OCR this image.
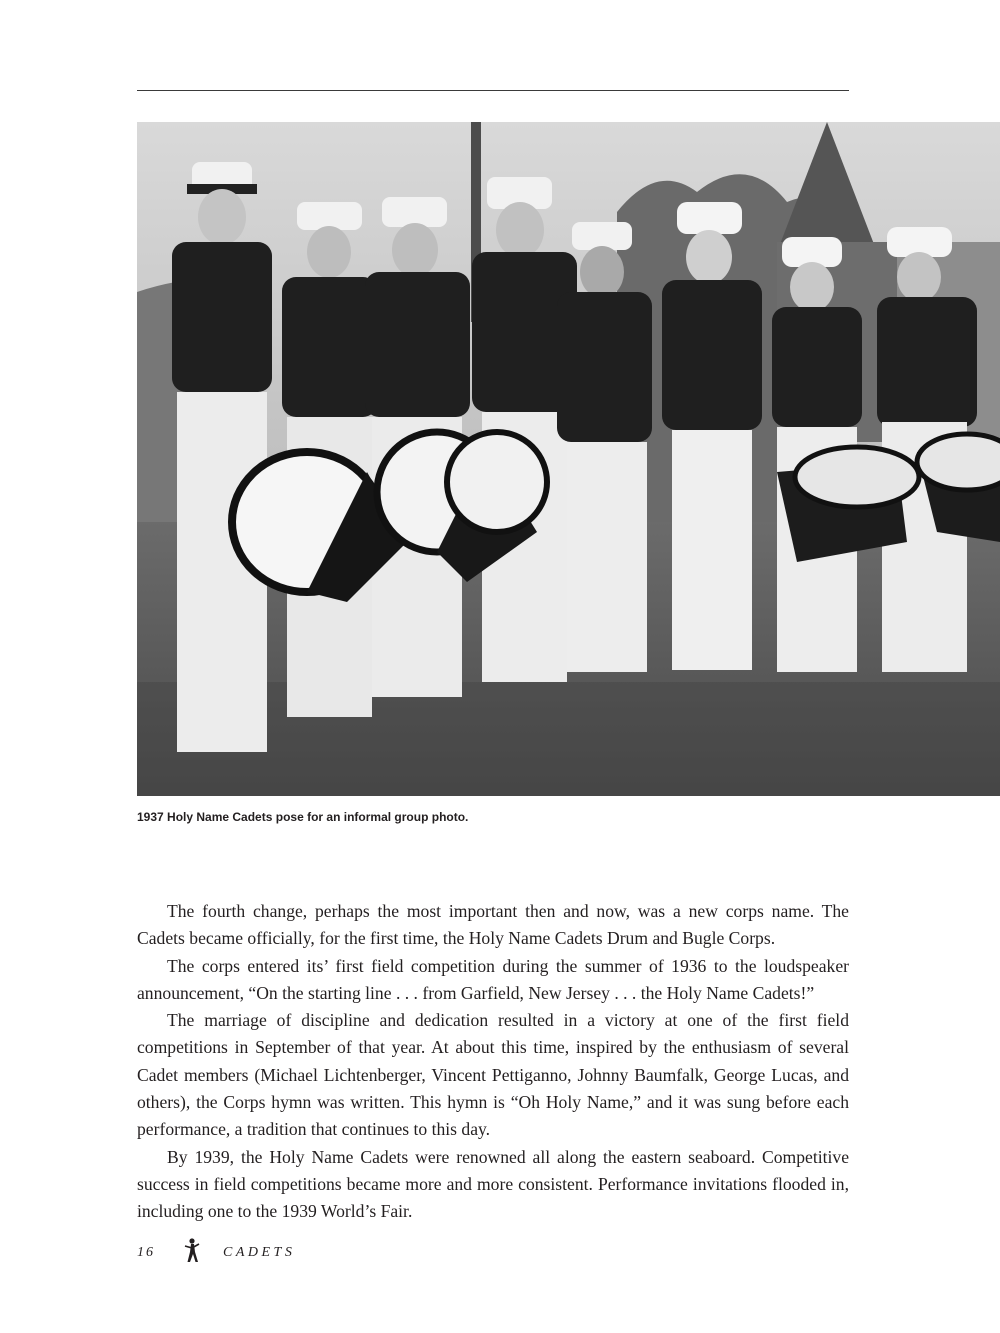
1937 Holy Name Cadets pose for an informal group photo.

The fourth change, perhaps the most important then and now, was a new corps name. The Cadets became officially, for the first time, the Holy Name Cadets Drum and Bugle Corps.

The corps entered its’ first field competition during the summer of 1936 to the loudspeaker announcement, “On the starting line . . . from Garfield, New Jersey . . . the Holy Name Cadets!”

The marriage of discipline and dedication resulted in a victory at one of the first field competitions in September of that year. At about this time, inspired by the enthusiasm of several Cadet members (Michael Lichtenberger, Vincent Pettiganno, Johnny Baumfalk, George Lucas, and others), the Corps hymn was written. This hymn is “Oh Holy Name,” and it was sung before each performance, a tradition that continues to this day.

By 1939, the Holy Name Cadets were renowned all along the eastern seaboard. Competitive success in field competitions became more and more consistent. Performance invitations flooded in, including one to the 1939 World’s Fair.

16	CADETS
